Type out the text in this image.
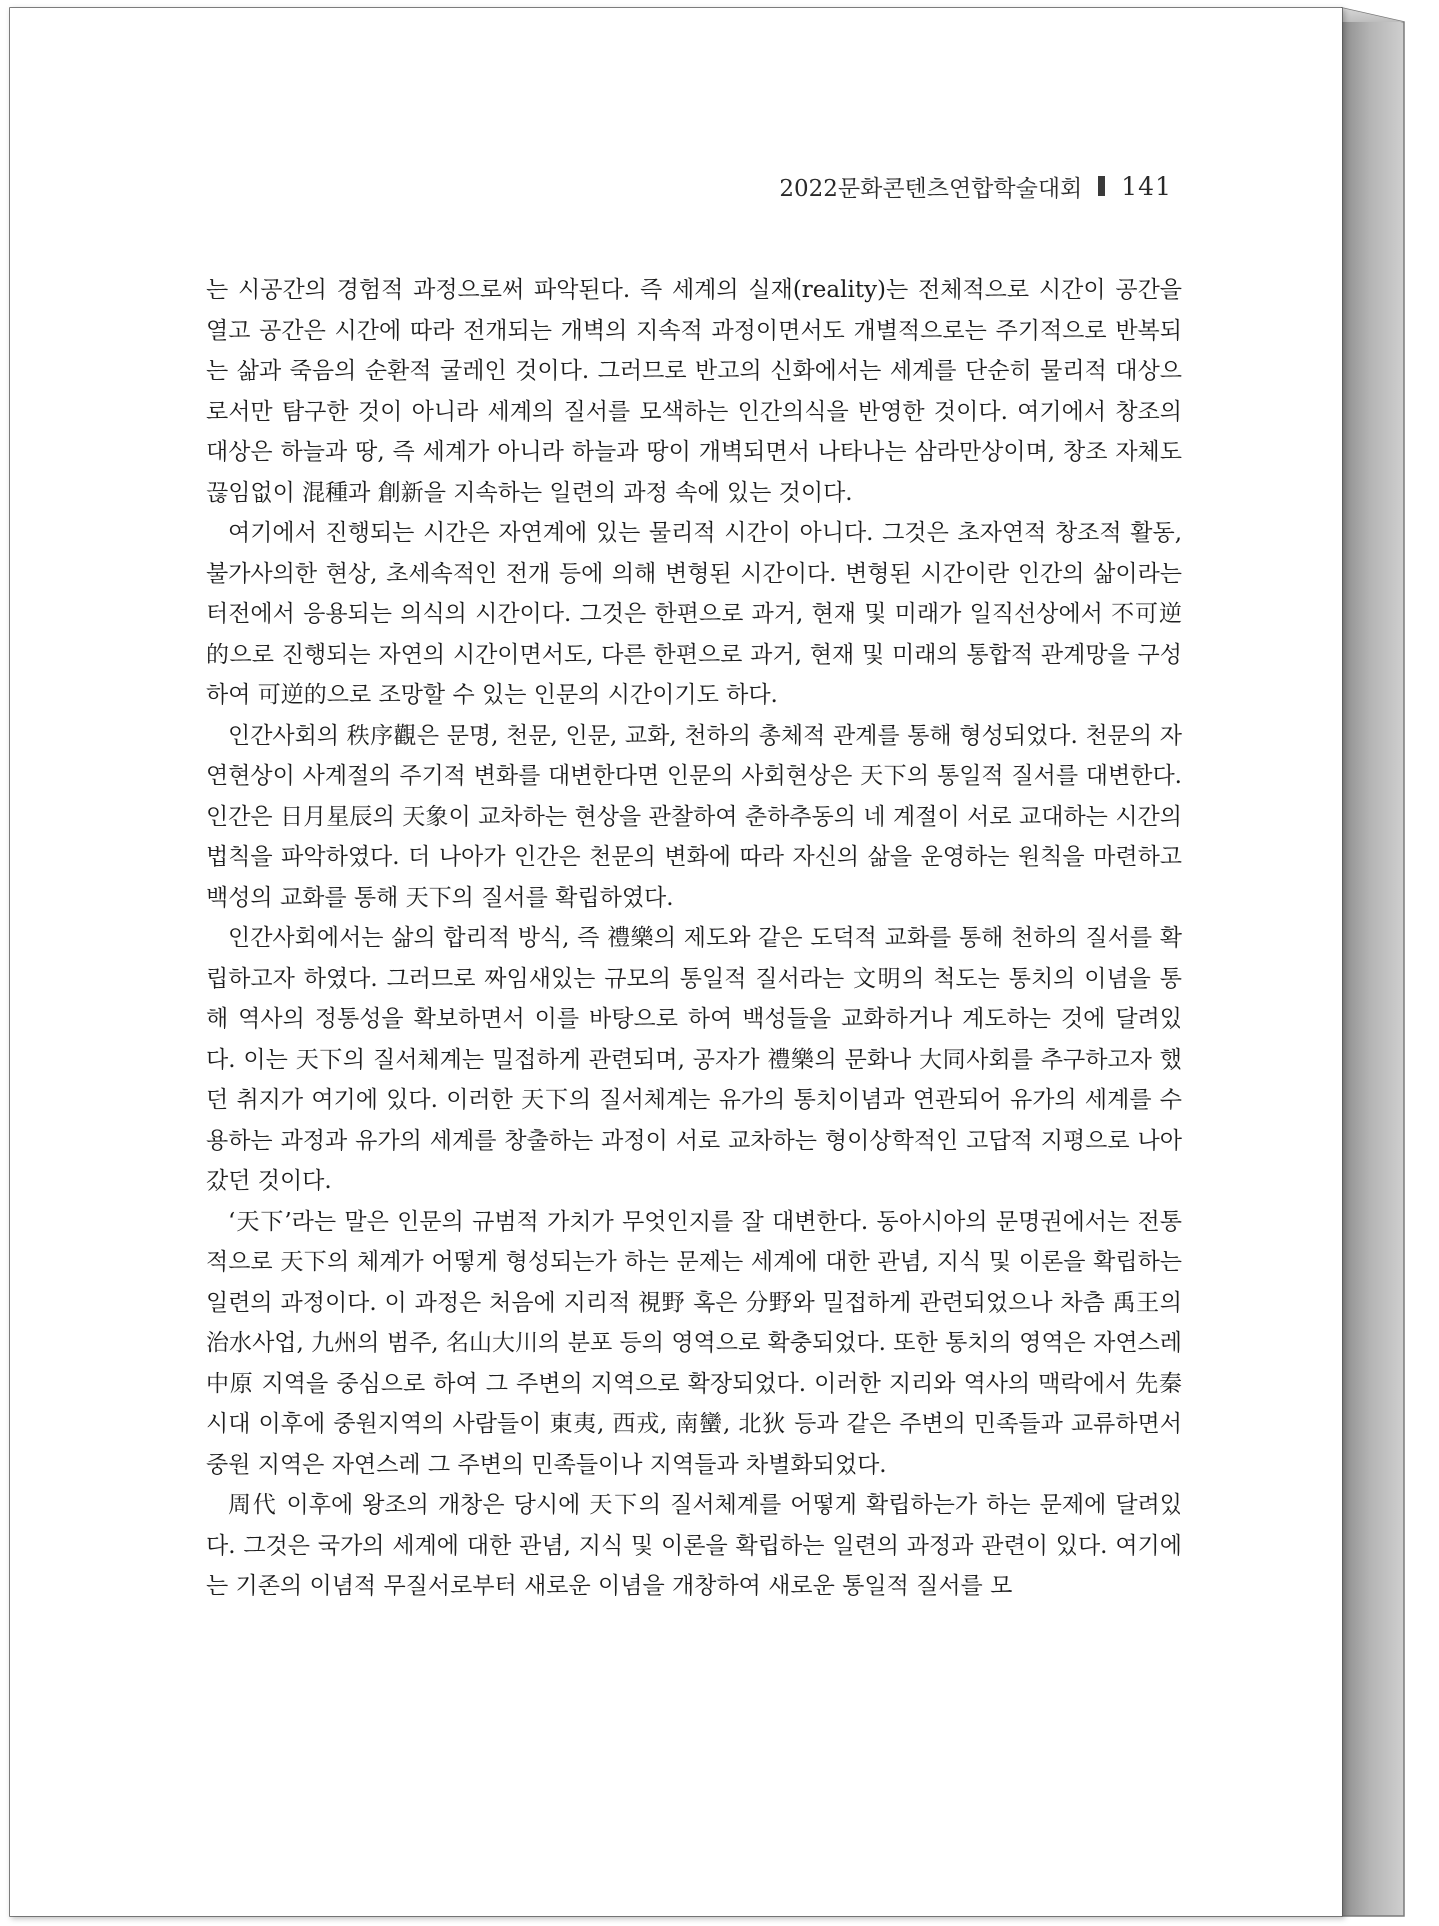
2022문화콘텐츠연합학술대회 141

는 시공간의 경험적 과정으로써 파악된다. 즉 세계의 실재(reality)는 전체적으로 시간이 공간을 열고 공간은 시간에 따라 전개되는 개벽의 지속적 과정이면서도 개별적으로는 주기적으로 반복되는 삶과 죽음의 순환적 굴레인 것이다. 그러므로 반고의 신화에서는 세계를 단순히 물리적 대상으로서만 탐구한 것이 아니라 세계의 질서를 모색하는 인간의식을 반영한 것이다. 여기에서 창조의 대상은 하늘과 땅, 즉 세계가 아니라 하늘과 땅이 개벽되면서 나타나는 삼라만상이며, 창조 자체도 끊임없이 混種과 創新을 지속하는 일련의 과정 속에 있는 것이다.

여기에서 진행되는 시간은 자연계에 있는 물리적 시간이 아니다. 그것은 초자연적 창조적 활동, 불가사의한 현상, 초세속적인 전개 등에 의해 변형된 시간이다. 변형된 시간이란 인간의 삶이라는 터전에서 응용되는 의식의 시간이다. 그것은 한편으로 과거, 현재 및 미래가 일직선상에서 不可逆的으로 진행되는 자연의 시간이면서도, 다른 한편으로 과거, 현재 및 미래의 통합적 관계망을 구성하여 可逆的으로 조망할 수 있는 인문의 시간이기도 하다.

인간사회의 秩序觀은 문명, 천문, 인문, 교화, 천하의 총체적 관계를 통해 형성되었다. 천문의 자연현상이 사계절의 주기적 변화를 대변한다면 인문의 사회현상은 天下의 통일적 질서를 대변한다. 인간은 日月星辰의 天象이 교차하는 현상을 관찰하여 춘하추동의 네 계절이 서로 교대하는 시간의 법칙을 파악하였다. 더 나아가 인간은 천문의 변화에 따라 자신의 삶을 운영하는 원칙을 마련하고 백성의 교화를 통해 天下의 질서를 확립하였다.

인간사회에서는 삶의 합리적 방식, 즉 禮樂의 제도와 같은 도덕적 교화를 통해 천하의 질서를 확립하고자 하였다. 그러므로 짜임새있는 규모의 통일적 질서라는 文明의 척도는 통치의 이념을 통해 역사의 정통성을 확보하면서 이를 바탕으로 하여 백성들을 교화하거나 계도하는 것에 달려있다. 이는 天下의 질서체계는 밀접하게 관련되며, 공자가 禮樂의 문화나 大同사회를 추구하고자 했던 취지가 여기에 있다. 이러한 天下의 질서체계는 유가의 통치이념과 연관되어 유가의 세계를 수용하는 과정과 유가의 세계를 창출하는 과정이 서로 교차하는 형이상학적인 고답적 지평으로 나아갔던 것이다.

‘天下’라는 말은 인문의 규범적 가치가 무엇인지를 잘 대변한다. 동아시아의 문명권에서는 전통적으로 天下의 체계가 어떻게 형성되는가 하는 문제는 세계에 대한 관념, 지식 및 이론을 확립하는 일련의 과정이다. 이 과정은 처음에 지리적 視野 혹은 分野와 밀접하게 관련되었으나 차츰 禹王의 治水사업, 九州의 범주, 名山大川의 분포 등의 영역으로 확충되었다. 또한 통치의 영역은 자연스레 中原 지역을 중심으로 하여 그 주변의 지역으로 확장되었다. 이러한 지리와 역사의 맥락에서 先秦시대 이후에 중원지역의 사람들이 東夷, 西戎, 南蠻, 北狄 등과 같은 주변의 민족들과 교류하면서 중원 지역은 자연스레 그 주변의 민족들이나 지역들과 차별화되었다.

周代 이후에 왕조의 개창은 당시에 天下의 질서체계를 어떻게 확립하는가 하는 문제에 달려있다. 그것은 국가의 세계에 대한 관념, 지식 및 이론을 확립하는 일련의 과정과 관련이 있다. 여기에는 기존의 이념적 무질서로부터 새로운 이념을 개창하여 새로운 통일적 질서를 모
